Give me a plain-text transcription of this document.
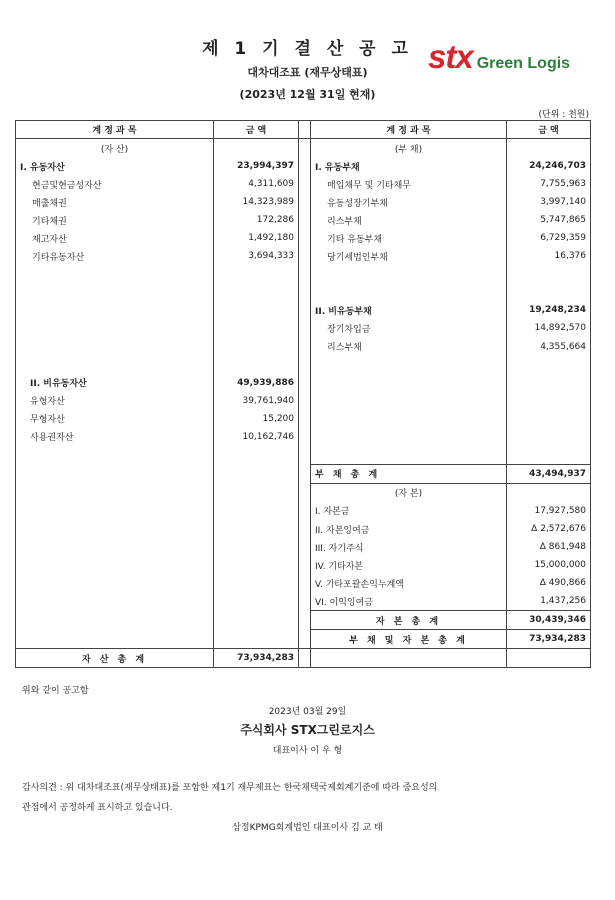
제 1 기 결 산 공 고
대차대조표 (재무상태표)
(2023년 12월 31일 현재)
stx Green Logis
(단위 : 천원)
계 정 과 목	금 액		계 정 과 목	금 액
(자 산)			(부 채)	
I. 유동자산	23,994,397		I. 유동부채	24,246,703
현금및현금성자산	4,311,609		매입채무 및 기타채무	7,755,963
매출채권	14,323,989		유동성장기부채	3,997,140
기타채권	172,286		리스부채	5,747,865
재고자산	1,492,180		기타 유동부채	6,729,359
기타유동자산	3,694,333		당기세법인부채	16,376

			II. 비유동부채	19,248,234
			장기차입금	14,892,570
			리스부채	4,355,664

II. 비유동자산	49,939,886			
유형자산	39,761,940			
무형자산	15,200			
사용권자산	10,162,746			

			부 채 총 계	43,494,937
			(자 본)	
			I. 자본금	17,927,580
			II. 자본잉여금	Δ 2,572,676
			III. 자기주식	Δ 861,948
			IV. 기타자본	15,000,000
			V. 기타포괄손익누계액	Δ 490,866
			VI. 이익잉여금	1,437,256
			자 본 총 계	30,439,346
			부 채 및 자 본 총 계	73,934,283
자 산 총 계	73,934,283			
위와 같이 공고함
2023년 03월 29일
주식회사 STX그린로지스
대표이사 이 우 형
감사의견 : 위 대차대조표(재무상태표)를 포함한 제1기 재무제표는 한국채택국제회계기준에 따라 중요성의
관점에서 공정하게 표시하고 있습니다.
삼정KPMG회계법인 대표이사 김 교 태
